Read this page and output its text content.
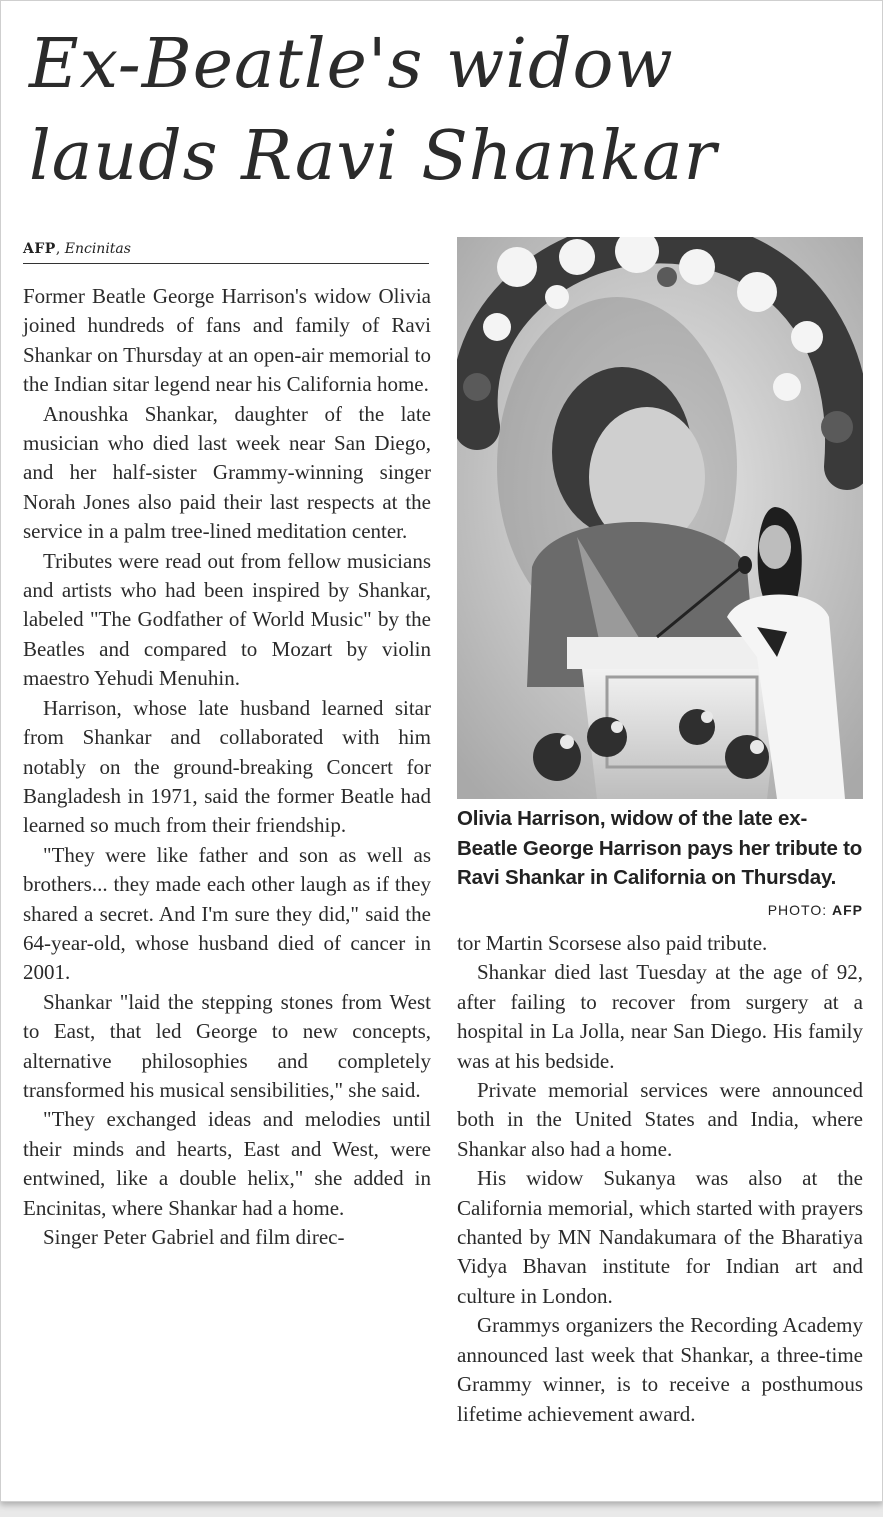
Ex-Beatle's widow lauds Ravi Shankar
AFP, Encinitas

Former Beatle George Harrison's widow Olivia joined hundreds of fans and family of Ravi Shankar on Thursday at an open-air memorial to the Indian sitar legend near his California home.

Anoushka Shankar, daughter of the late musician who died last week near San Diego, and her half-sister Grammy-winning singer Norah Jones also paid their last respects at the service in a palm tree-lined meditation center.

Tributes were read out from fellow musicians and artists who had been inspired by Shankar, labeled "The Godfather of World Music" by the Beatles and compared to Mozart by violin maestro Yehudi Menuhin.

Harrison, whose late husband learned sitar from Shankar and collaborated with him notably on the ground-breaking Concert for Bangladesh in 1971, said the former Beatle had learned so much from their friendship.

"They were like father and son as well as brothers... they made each other laugh as if they shared a secret. And I'm sure they did," said the 64-year-old, whose husband died of cancer in 2001.

Shankar "laid the stepping stones from West to East, that led George to new concepts, alternative philosophies and completely transformed his musical sensibilities," she said.

"They exchanged ideas and melodies until their minds and hearts, East and West, were entwined, like a double helix," she added in Encinitas, where Shankar had a home.

Singer Peter Gabriel and film direc-

Olivia Harrison, widow of the late ex-Beatle George Harrison pays her tribute to Ravi Shankar in California on Thursday.
PHOTO: AFP

tor Martin Scorsese also paid tribute.

Shankar died last Tuesday at the age of 92, after failing to recover from surgery at a hospital in La Jolla, near San Diego. His family was at his bedside.

Private memorial services were announced both in the United States and India, where Shankar also had a home.

His widow Sukanya was also at the California memorial, which started with prayers chanted by MN Nandakumara of the Bharatiya Vidya Bhavan institute for Indian art and culture in London.

Grammys organizers the Recording Academy announced last week that Shankar, a three-time Grammy winner, is to receive a posthumous lifetime achievement award.
